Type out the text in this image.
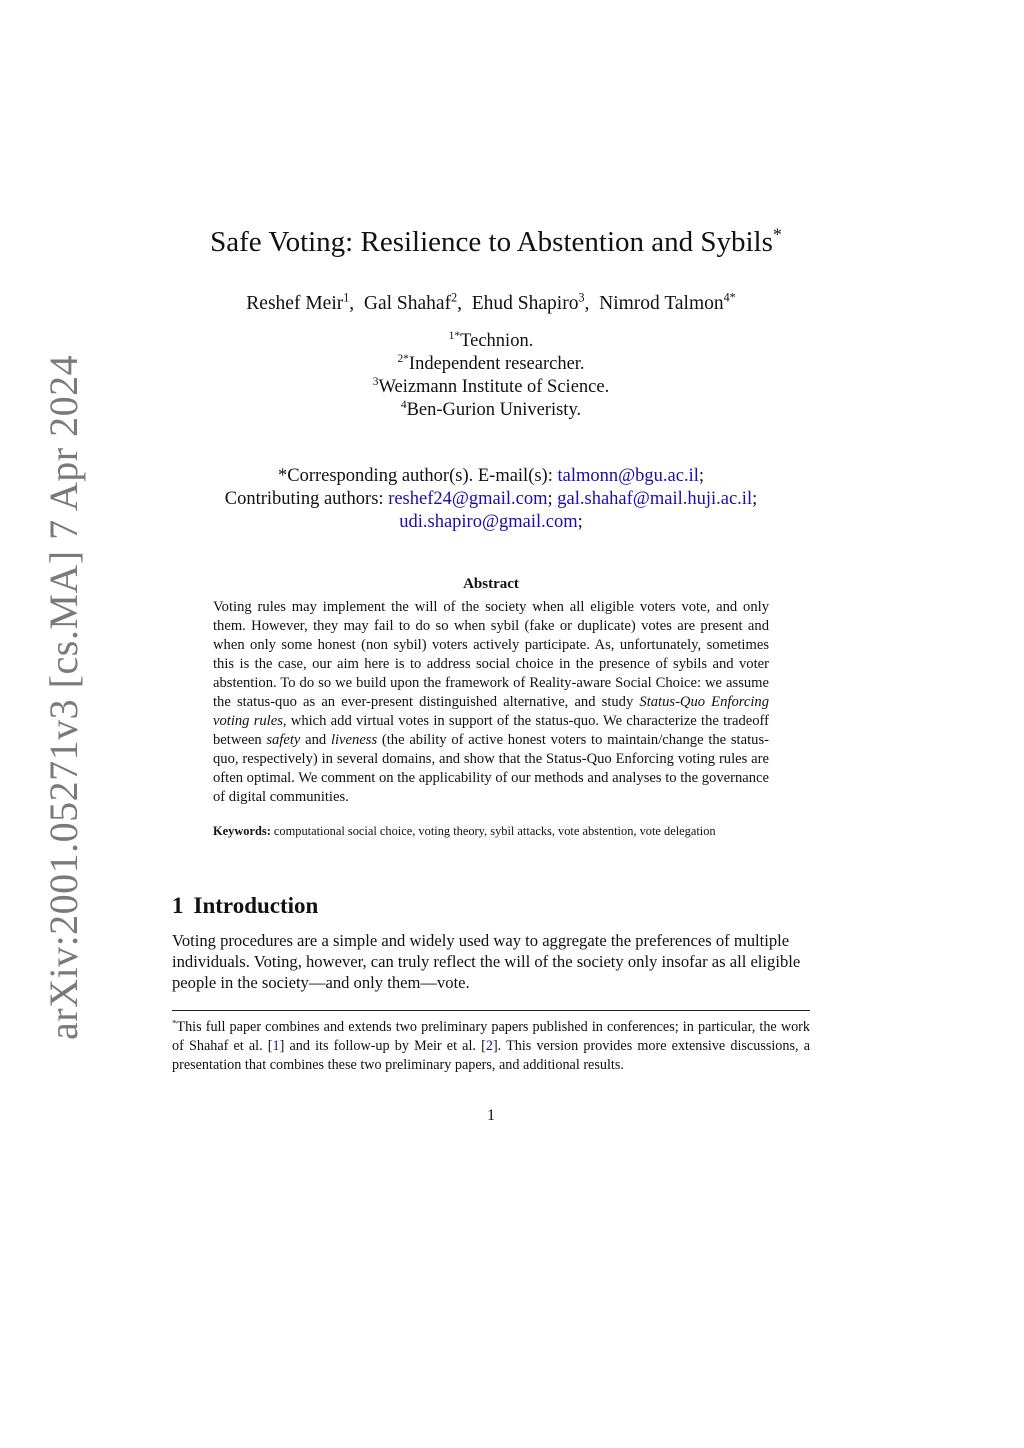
arXiv:2001.05271v3 [cs.MA] 7 Apr 2024
Safe Voting: Resilience to Abstention and Sybils*
Reshef Meir$^1$,  Gal Shahaf$^2$,  Ehud Shapiro$^3$,  Nimrod Talmon$^{4*}$
$^{1*}$Technion.
$^{2*}$Independent researcher.
$^3$Weizmann Institute of Science.
$^4$Ben-Gurion Univeristy.
*Corresponding author(s). E-mail(s): talmonn@bgu.ac.il;
Contributing authors: reshef24@gmail.com; gal.shahaf@mail.huji.ac.il;
udi.shapiro@gmail.com;
Abstract

Voting rules may implement the will of the society when all eligible voters vote, and only them. However, they may fail to do so when sybil (fake or duplicate) votes are present and when only some honest (non sybil) voters actively participate. As, unfortunately, sometimes this is the case, our aim here is to address social choice in the presence of sybils and voter abstention. To do so we build upon the framework of Reality-aware Social Choice: we assume the status-quo as an ever-present distinguished alternative, and study Status-Quo Enforcing voting rules, which add virtual votes in support of the status-quo. We characterize the tradeoff between safety and liveness (the ability of active honest voters to maintain/change the status-quo, respectively) in several domains, and show that the Status-Quo Enforcing voting rules are often optimal. We comment on the applicability of our methods and analyses to the governance of digital communities.

Keywords: computational social choice, voting theory, sybil attacks, vote abstention, vote delegation

1 Introduction

Voting procedures are a simple and widely used way to aggregate the preferences of multiple
individuals. Voting, however, can truly reflect the will of the society only insofar as all eligible
people in the society—and only them—vote.

*This full paper combines and extends two preliminary papers published in conferences; in particular, the work of Shahaf et al. [1] and its follow-up by Meir et al. [2]. This version provides more extensive discussions, a presentation that combines these two preliminary papers, and additional results.

1
